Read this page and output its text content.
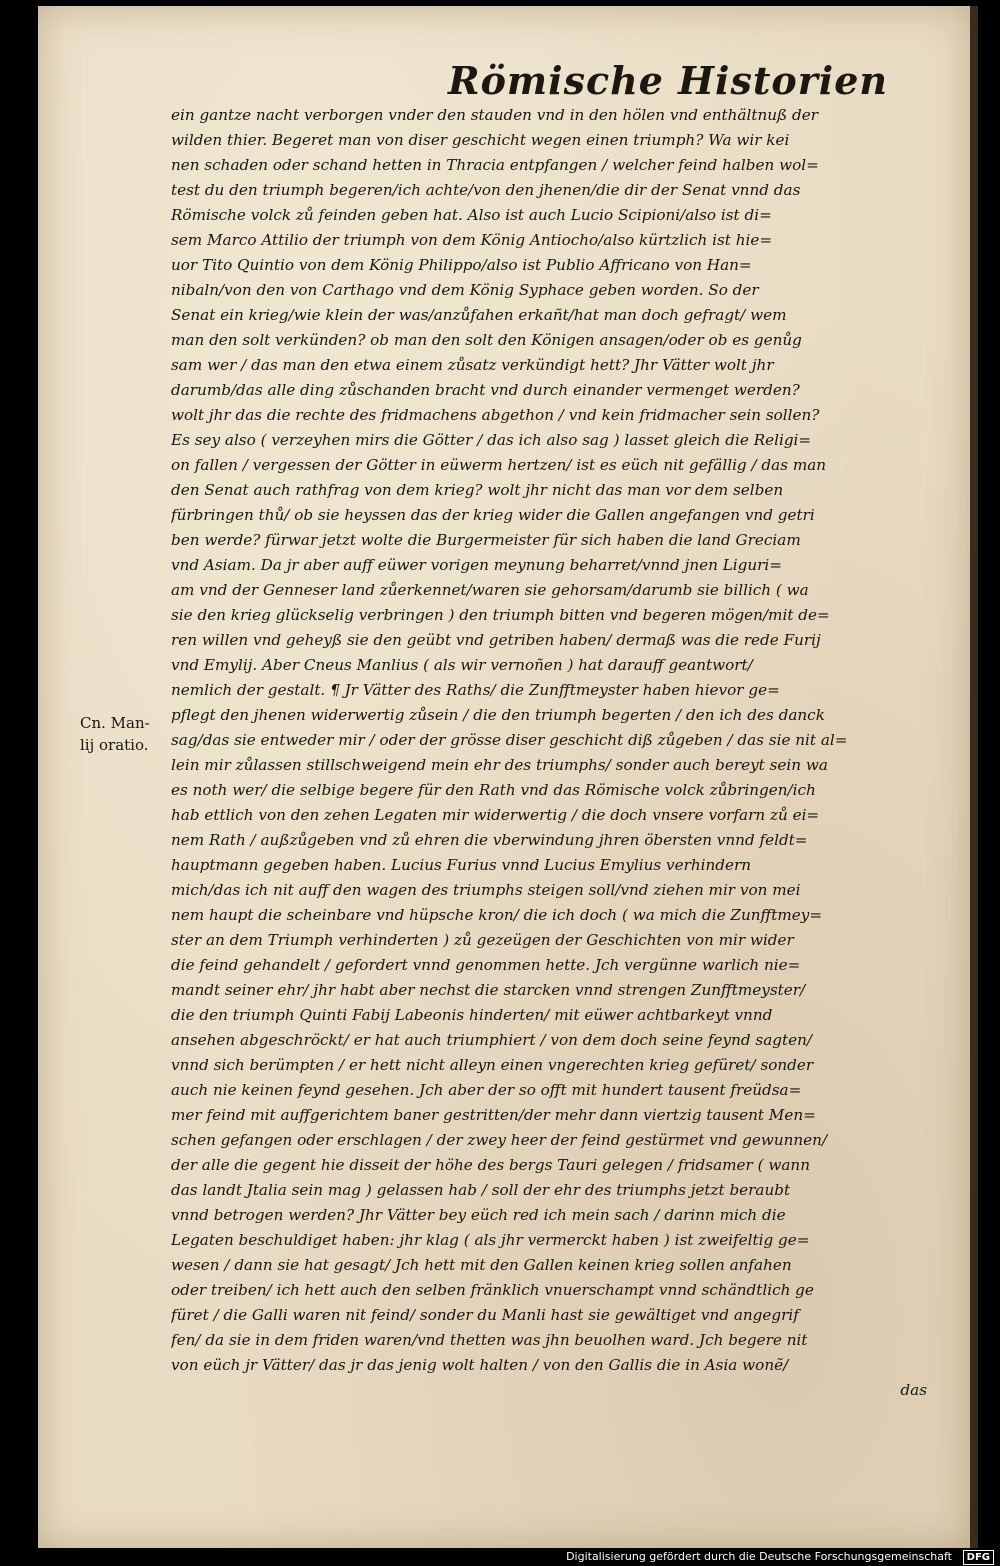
Römische Historien
Cn. Man-
lij oratio.
ein gantze nacht verborgen vnder den stauden vnd in den hölen vnd enthältnuß der
wilden thier. Begeret man von diser geschicht wegen einen triumph? Wa wir kei
nen schaden oder schand hetten in Thracia entpfangen / welcher feind halben wol=
test du den triumph begeren/ich achte/von den jhenen/die dir der Senat vnnd das
Römische volck zů feinden geben hat. Also ist auch Lucio Scipioni/also ist di=
sem Marco Attilio der triumph von dem König Antiocho/also kürtzlich ist hie=
uor Tito Quintio von dem König Philippo/also ist Publio Affricano von Han=
nibaln/von den von Carthago vnd dem König Syphace geben worden. So der
Senat ein krieg/wie klein der was/anzůfahen erkañt/hat man doch gefragt/ wem
man den solt verkünden? ob man den solt den Königen ansagen/oder ob es genůg
sam wer / das man den etwa einem zůsatz verkündigt hett? Jhr Vätter wolt jhr
darumb/das alle ding zůschanden bracht vnd durch einander vermenget werden?
wolt jhr das die rechte des fridmachens abgethon / vnd kein fridmacher sein sollen?
Es sey also ( verzeyhen mirs die Götter / das ich also sag ) lasset gleich die Religi=
on fallen / vergessen der Götter in eüwerm hertzen/ ist es eüch nit gefällig / das man
den Senat auch rathfrag von dem krieg? wolt jhr nicht das man vor dem selben
fürbringen thů/ ob sie heyssen das der krieg wider die Gallen angefangen vnd getri
ben werde? fürwar jetzt wolte die Burgermeister für sich haben die land Greciam
vnd Asiam. Da jr aber auff eüwer vorigen meynung beharret/vnnd jnen Liguri=
am vnd der Genneser land zůerkennet/waren sie gehorsam/darumb sie billich ( wa
sie den krieg glückselig verbringen ) den triumph bitten vnd begeren mögen/mit de=
ren willen vnd geheyß sie den geübt vnd getriben haben/ dermaß was die rede Furij
vnd Emylij. Aber Cneus Manlius ( als wir vernoñen ) hat darauff geantwort/
nemlich der gestalt. ¶ Jr Vätter des Raths/ die Zunfftmeyster haben hievor ge=
pflegt den jhenen widerwertig zůsein / die den triumph begerten / den ich des danck
sag/das sie entweder mir / oder der grösse diser geschicht diß zůgeben / das sie nit al=
lein mir zůlassen stillschweigend mein ehr des triumphs/ sonder auch bereyt sein wa
es noth wer/ die selbige begere für den Rath vnd das Römische volck zůbringen/ich
hab ettlich von den zehen Legaten mir widerwertig / die doch vnsere vorfarn zů ei=
nem Rath / außzůgeben vnd zů ehren die vberwindung jhren öbersten vnnd feldt=
hauptmann gegeben haben. Lucius Furius vnnd Lucius Emylius verhindern
mich/das ich nit auff den wagen des triumphs steigen soll/vnd ziehen mir von mei
nem haupt die scheinbare vnd hüpsche kron/ die ich doch ( wa mich die Zunfftmey=
ster an dem Triumph verhinderten ) zů gezeügen der Geschichten von mir wider
die feind gehandelt / gefordert vnnd genommen hette. Jch vergünne warlich nie=
mandt seiner ehr/ jhr habt aber nechst die starcken vnnd strengen Zunfftmeyster/
die den triumph Quinti Fabij Labeonis hinderten/ mit eüwer achtbarkeyt vnnd
ansehen abgeschröckt/ er hat auch triumphiert / von dem doch seine feynd sagten/
vnnd sich berümpten / er hett nicht alleyn einen vngerechten krieg gefüret/ sonder
auch nie keinen feynd gesehen. Jch aber der so offt mit hundert tausent freüdsa=
mer feind mit auffgerichtem baner gestritten/der mehr dann viertzig tausent Men=
schen gefangen oder erschlagen / der zwey heer der feind gestürmet vnd gewunnen/
der alle die gegent hie disseit der höhe des bergs Tauri gelegen / fridsamer ( wann
das landt Jtalia sein mag ) gelassen hab / soll der ehr des triumphs jetzt beraubt
vnnd betrogen werden? Jhr Vätter bey eüch red ich mein sach / darinn mich die
Legaten beschuldiget haben: jhr klag ( als jhr vermerckt haben ) ist zweifeltig ge=
wesen / dann sie hat gesagt/ Jch hett mit den Gallen keinen krieg sollen anfahen
oder treiben/ ich hett auch den selben fränklich vnuerschampt vnnd schändtlich ge
füret / die Galli waren nit feind/ sonder du Manli hast sie gewältiget vnd angegrif
fen/ da sie in dem friden waren/vnd thetten was jhn beuolhen ward. Jch begere nit
von eüch jr Vätter/ das jr das jenig wolt halten / von den Gallis die in Asia wonẽ/
das
Digitalisierung gefördert durch die Deutsche Forschungsgemeinschaft	DFG
